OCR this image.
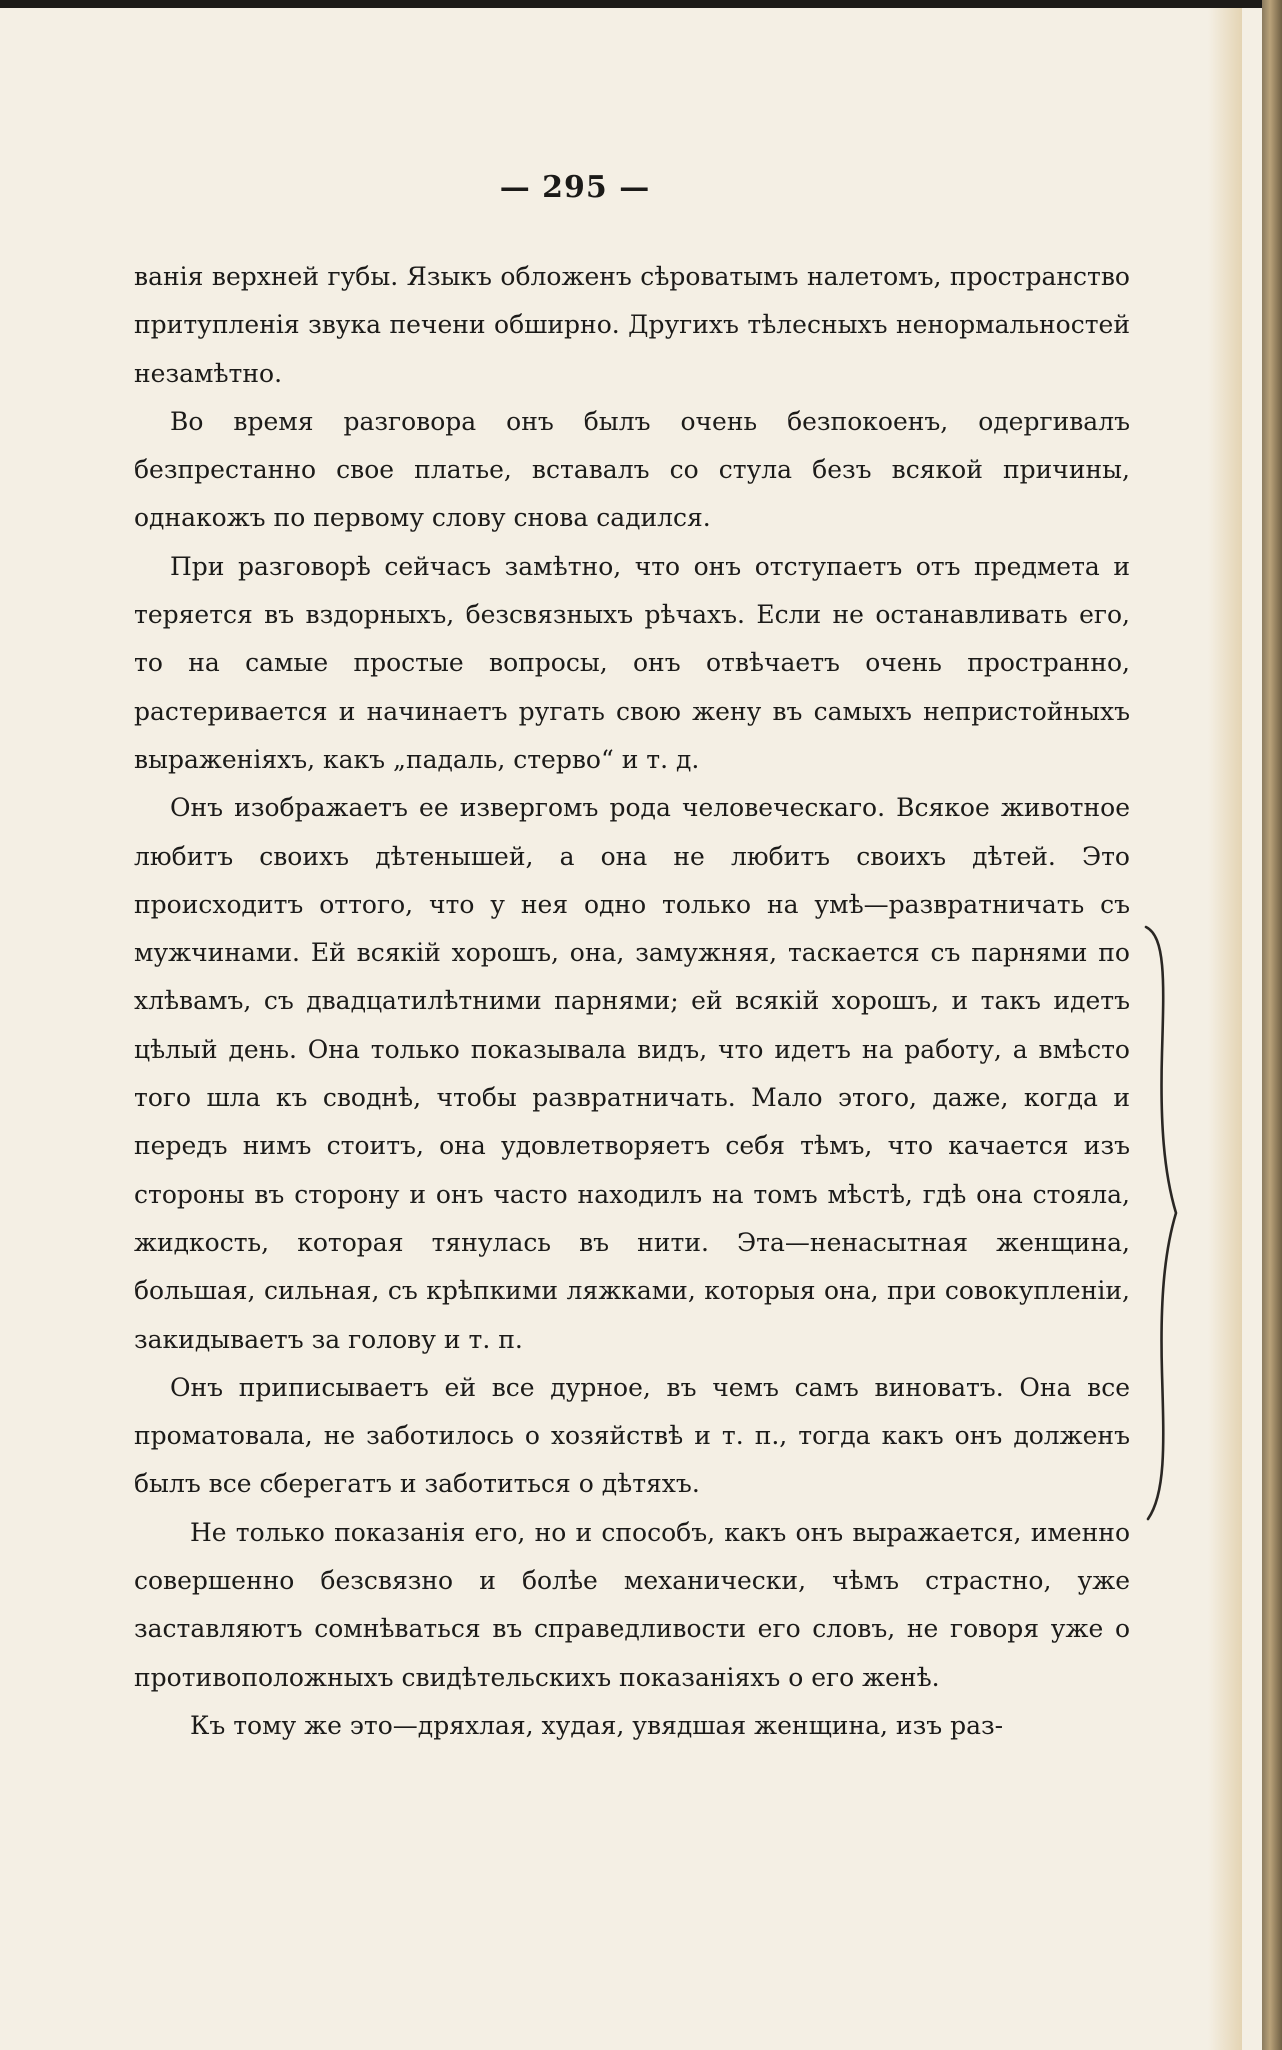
— 295 —

ванія верхней губы. Языкъ обложенъ сѣроватымъ налетомъ, пространство притупленія звука печени обширно. Другихъ тѣлесныхъ ненормальностей незамѣтно.

Во время разговора онъ былъ очень безпокоенъ, одергивалъ безпрестанно свое платье, вставалъ со стула безъ всякой причины, однакожъ по первому слову снова садился.

При разговорѣ сейчасъ замѣтно, что онъ отступаетъ отъ предмета и теряется въ вздорныхъ, безсвязныхъ рѣчахъ. Если не останавливать его, то на самые простые вопросы, онъ отвѣчаетъ очень пространно, растеривается и начинаетъ ругать свою жену въ самыхъ непристойныхъ выраженіяхъ, какъ „падаль, стерво“ и т. д.

Онъ изображаетъ ее извергомъ рода человеческаго. Всякое животное любитъ своихъ дѣтенышей, а она не любитъ своихъ дѣтей. Это происходитъ оттого, что у нея одно только на умѣ—развратничать съ мужчинами. Ей всякій хорошъ, она, замужняя, таскается съ парнями по хлѣвамъ, съ двадцатилѣтними парнями; ей всякій хорошъ, и такъ идетъ цѣлый день. Она только показывала видъ, что идетъ на работу, а вмѣсто того шла къ своднѣ, чтобы развратничать. Мало этого, даже, когда и передъ нимъ стоитъ, она удовлетворяетъ себя тѣмъ, что качается изъ стороны въ сторону и онъ часто находилъ на томъ мѣстѣ, гдѣ она стояла, жидкость, которая тянулась въ нити. Эта—ненасытная женщина, большая, сильная, съ крѣпкими ляжками, которыя она, при совокупленіи, закидываетъ за голову и т. п.

Онъ приписываетъ ей все дурное, въ чемъ самъ виноватъ. Она все проматовала, не заботилось о хозяйствѣ и т. п., тогда какъ онъ долженъ былъ все сберегатъ и заботиться о дѣтяхъ.

Не только показанія его, но и способъ, какъ онъ выражается, именно совершенно безсвязно и болѣе механически, чѣмъ страстно, уже заставляютъ сомнѣваться въ справедливости его словъ, не говоря уже о противоположныхъ свидѣтельскихъ показаніяхъ о его женѣ.

Къ тому же это—дряхлая, худая, увядшая женщина, изъ раз-
